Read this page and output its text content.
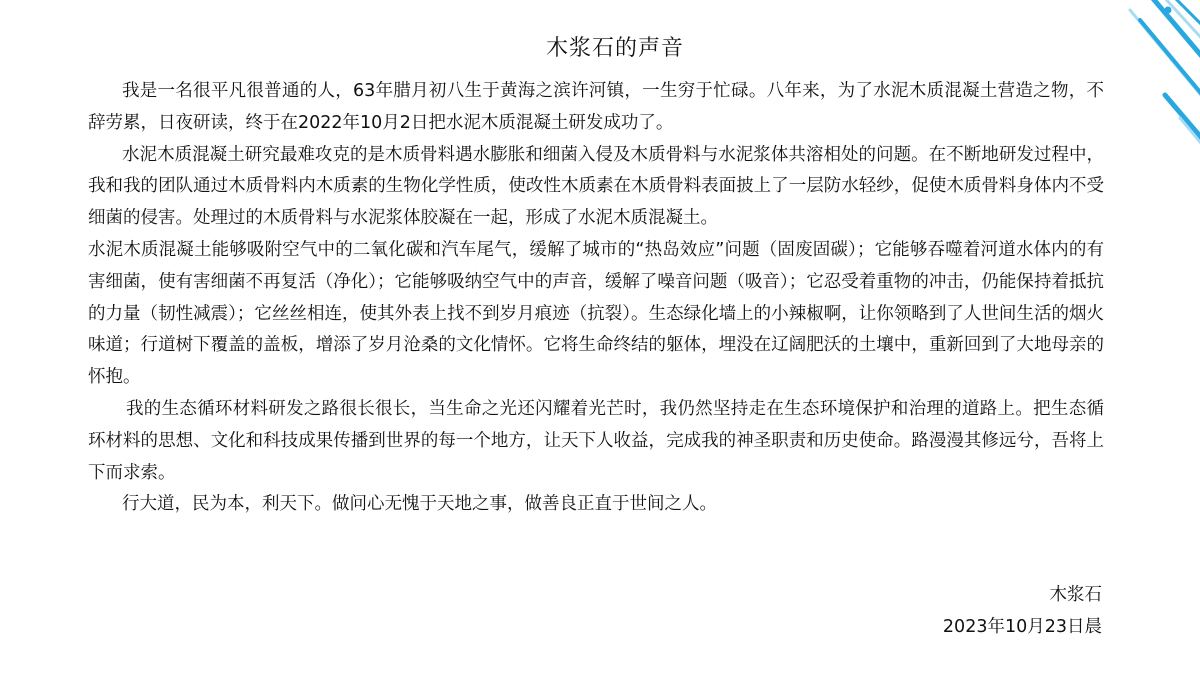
木浆石的声音

我是一名很平凡很普通的人，63年腊月初八生于黄海之滨许河镇，一生穷于忙碌。八年来，为了水泥木质混凝土营造之物，不辞劳累，日夜研读，终于在2022年10月2日把水泥木质混凝土研发成功了。

水泥木质混凝土研究最难攻克的是木质骨料遇水膨胀和细菌入侵及木质骨料与水泥浆体共溶相处的问题。在不断地研发过程中，我和我的团队通过木质骨料内木质素的生物化学性质，使改性木质素在木质骨料表面披上了一层防水轻纱，促使木质骨料身体内不受细菌的侵害。处理过的木质骨料与水泥浆体胶凝在一起，形成了水泥木质混凝土。

水泥木质混凝土能够吸附空气中的二氧化碳和汽车尾气，缓解了城市的“热岛效应”问题（固废固碳）；它能够吞噬着河道水体内的有害细菌，使有害细菌不再复活（净化）；它能够吸纳空气中的声音，缓解了噪音问题（吸音）；它忍受着重物的冲击，仍能保持着抵抗的力量（韧性减震）；它丝丝相连，使其外表上找不到岁月痕迹（抗裂）。生态绿化墙上的小辣椒啊，让你领略到了人世间生活的烟火味道；行道树下覆盖的盖板，增添了岁月沧桑的文化情怀。它将生命终结的躯体，埋没在辽阔肥沃的土壤中，重新回到了大地母亲的怀抱。

我的生态循环材料研发之路很长很长，当生命之光还闪耀着光芒时，我仍然坚持走在生态环境保护和治理的道路上。把生态循环材料的思想、文化和科技成果传播到世界的每一个地方，让天下人收益，完成我的神圣职责和历史使命。路漫漫其修远兮，吾将上下而求索。

行大道，民为本，利天下。做问心无愧于天地之事，做善良正直于世间之人。

木浆石
2023年10月23日晨
